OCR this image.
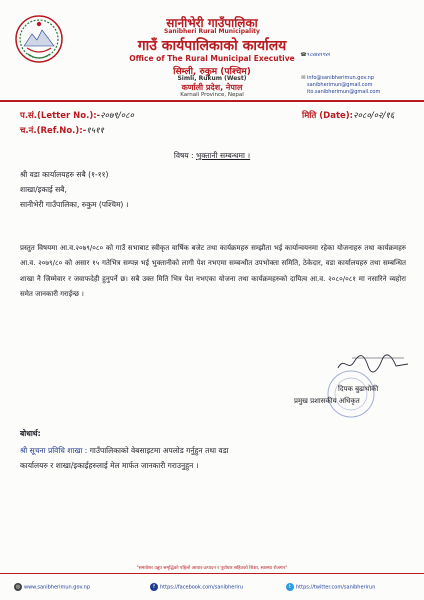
सानीभेरी गाउँपालिका
Sanibheri Rural Municipality
गाउँ कार्यपालिकाको कार्यालय
Office of The Rural Municipal Executive
सिम्ली, रुकुम (पश्चिम)
Simli, Rukum (West)
कर्णाली प्रदेश, नेपाल
Karnali Province, Nepal
☎९८४४४१९४२
✉info@sanibherimun.gov.np
sanibherimun@gmail.com
ito.sanibherimun@gmail.com
प.सं.(Letter No.):-२०७९/०८०
च.नं.(Ref.No.):-१५११
मिति (Date):२०८०/०२/१६
विषय : भुक्तानी सम्बन्धमा ।
श्री वडा कार्यालयहरु सबै (१-११)
शाखा/इकाई सबै,
सानीभेरी गाउँपालिका, रुकुम (पश्चिम) ।
प्रस्तुत विषयमा आ.व.२०७९/०८० को गाउँ सभाबाट स्वीकृत वार्षिक बजेट तथा कार्यक्रमहरु सम्झौता भई कार्यान्वयनमा रहेका योजनाहरु तथा कार्यक्रमहरु आ.व. २०७९/८० को असार १५ गतेभित्र सम्पन्न भई भुक्तानीको लागी पेश नभएमा सम्बन्धीत उपभोक्ता समिति, ठेकेदार, वडा कार्यालयहरु तथा सम्बन्धित शाखा नै जिम्मेवार र जवाफदेही हुनुपर्ने छ। सबै उक्त मिति भित्र पेश नभएका योजना तथा कार्यक्रमहरुको दायित्व आ.व. २०८०/०८१ मा नसारिने व्यहोरा समेत जानकारी गराईन्छ ।
दिपक बुढाथोकी
प्रमुख प्रशासकीय अधिकृत
बोधार्थ:
श्री सूचना प्रविधि शाखा : गाउँपालिकाको वेबसाइटमा अपलोड गर्नुहुन तथा वडा
कार्यालयरु र शाखा/इकाईहरुलाई मेल मार्फत जानकारी गराउनुहुन ।
"समावेशर उन्नुप समृद्धिको पहिलो आधार-उत्पादन र पूर्वाधार सहितको शिक्षा, स्वास्थ्य रोजगार"
◎ www.sanibherimun.gov.np	f https://facebook.com/sanibheriru	t https://twitter.com/sanibherirun
